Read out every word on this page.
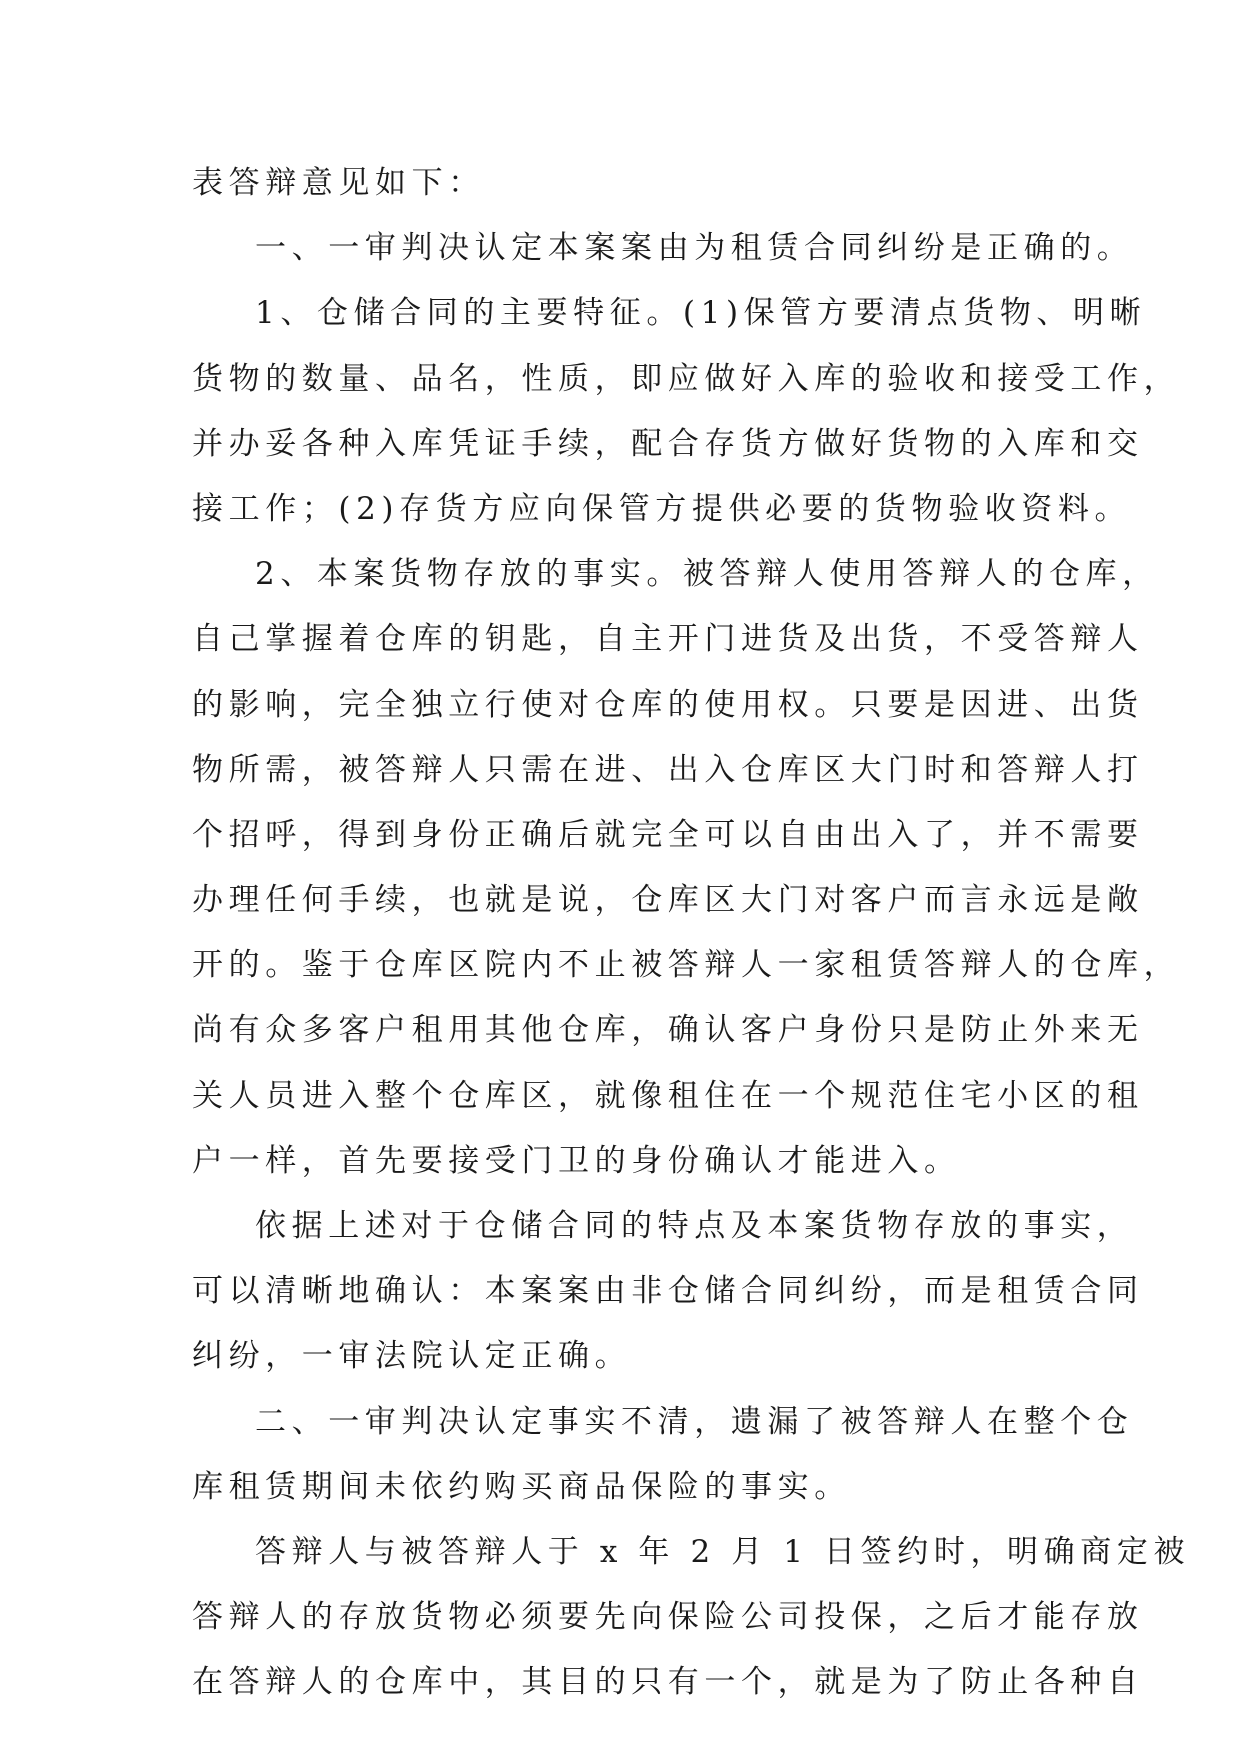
表答辩意见如下：
一、一审判决认定本案案由为租赁合同纠纷是正确的。
1、仓储合同的主要特征。(1)保管方要清点货物、明晰
货物的数量、品名，性质，即应做好入库的验收和接受工作，
并办妥各种入库凭证手续，配合存货方做好货物的入库和交
接工作；(2)存货方应向保管方提供必要的货物验收资料。
2、本案货物存放的事实。被答辩人使用答辩人的仓库，
自己掌握着仓库的钥匙，自主开门进货及出货，不受答辩人
的影响，完全独立行使对仓库的使用权。只要是因进、出货
物所需，被答辩人只需在进、出入仓库区大门时和答辩人打
个招呼，得到身份正确后就完全可以自由出入了，并不需要
办理任何手续，也就是说，仓库区大门对客户而言永远是敞
开的。鉴于仓库区院内不止被答辩人一家租赁答辩人的仓库，
尚有众多客户租用其他仓库，确认客户身份只是防止外来无
关人员进入整个仓库区，就像租住在一个规范住宅小区的租
户一样，首先要接受门卫的身份确认才能进入。
依据上述对于仓储合同的特点及本案货物存放的事实，
可以清晰地确认：本案案由非仓储合同纠纷，而是租赁合同
纠纷，一审法院认定正确。
二、一审判决认定事实不清，遗漏了被答辩人在整个仓
库租赁期间未依约购买商品保险的事实。
答辩人与被答辩人于 x 年 2 月 1 日签约时，明确商定被
答辩人的存放货物必须要先向保险公司投保，之后才能存放
在答辩人的仓库中，其目的只有一个，就是为了防止各种自
